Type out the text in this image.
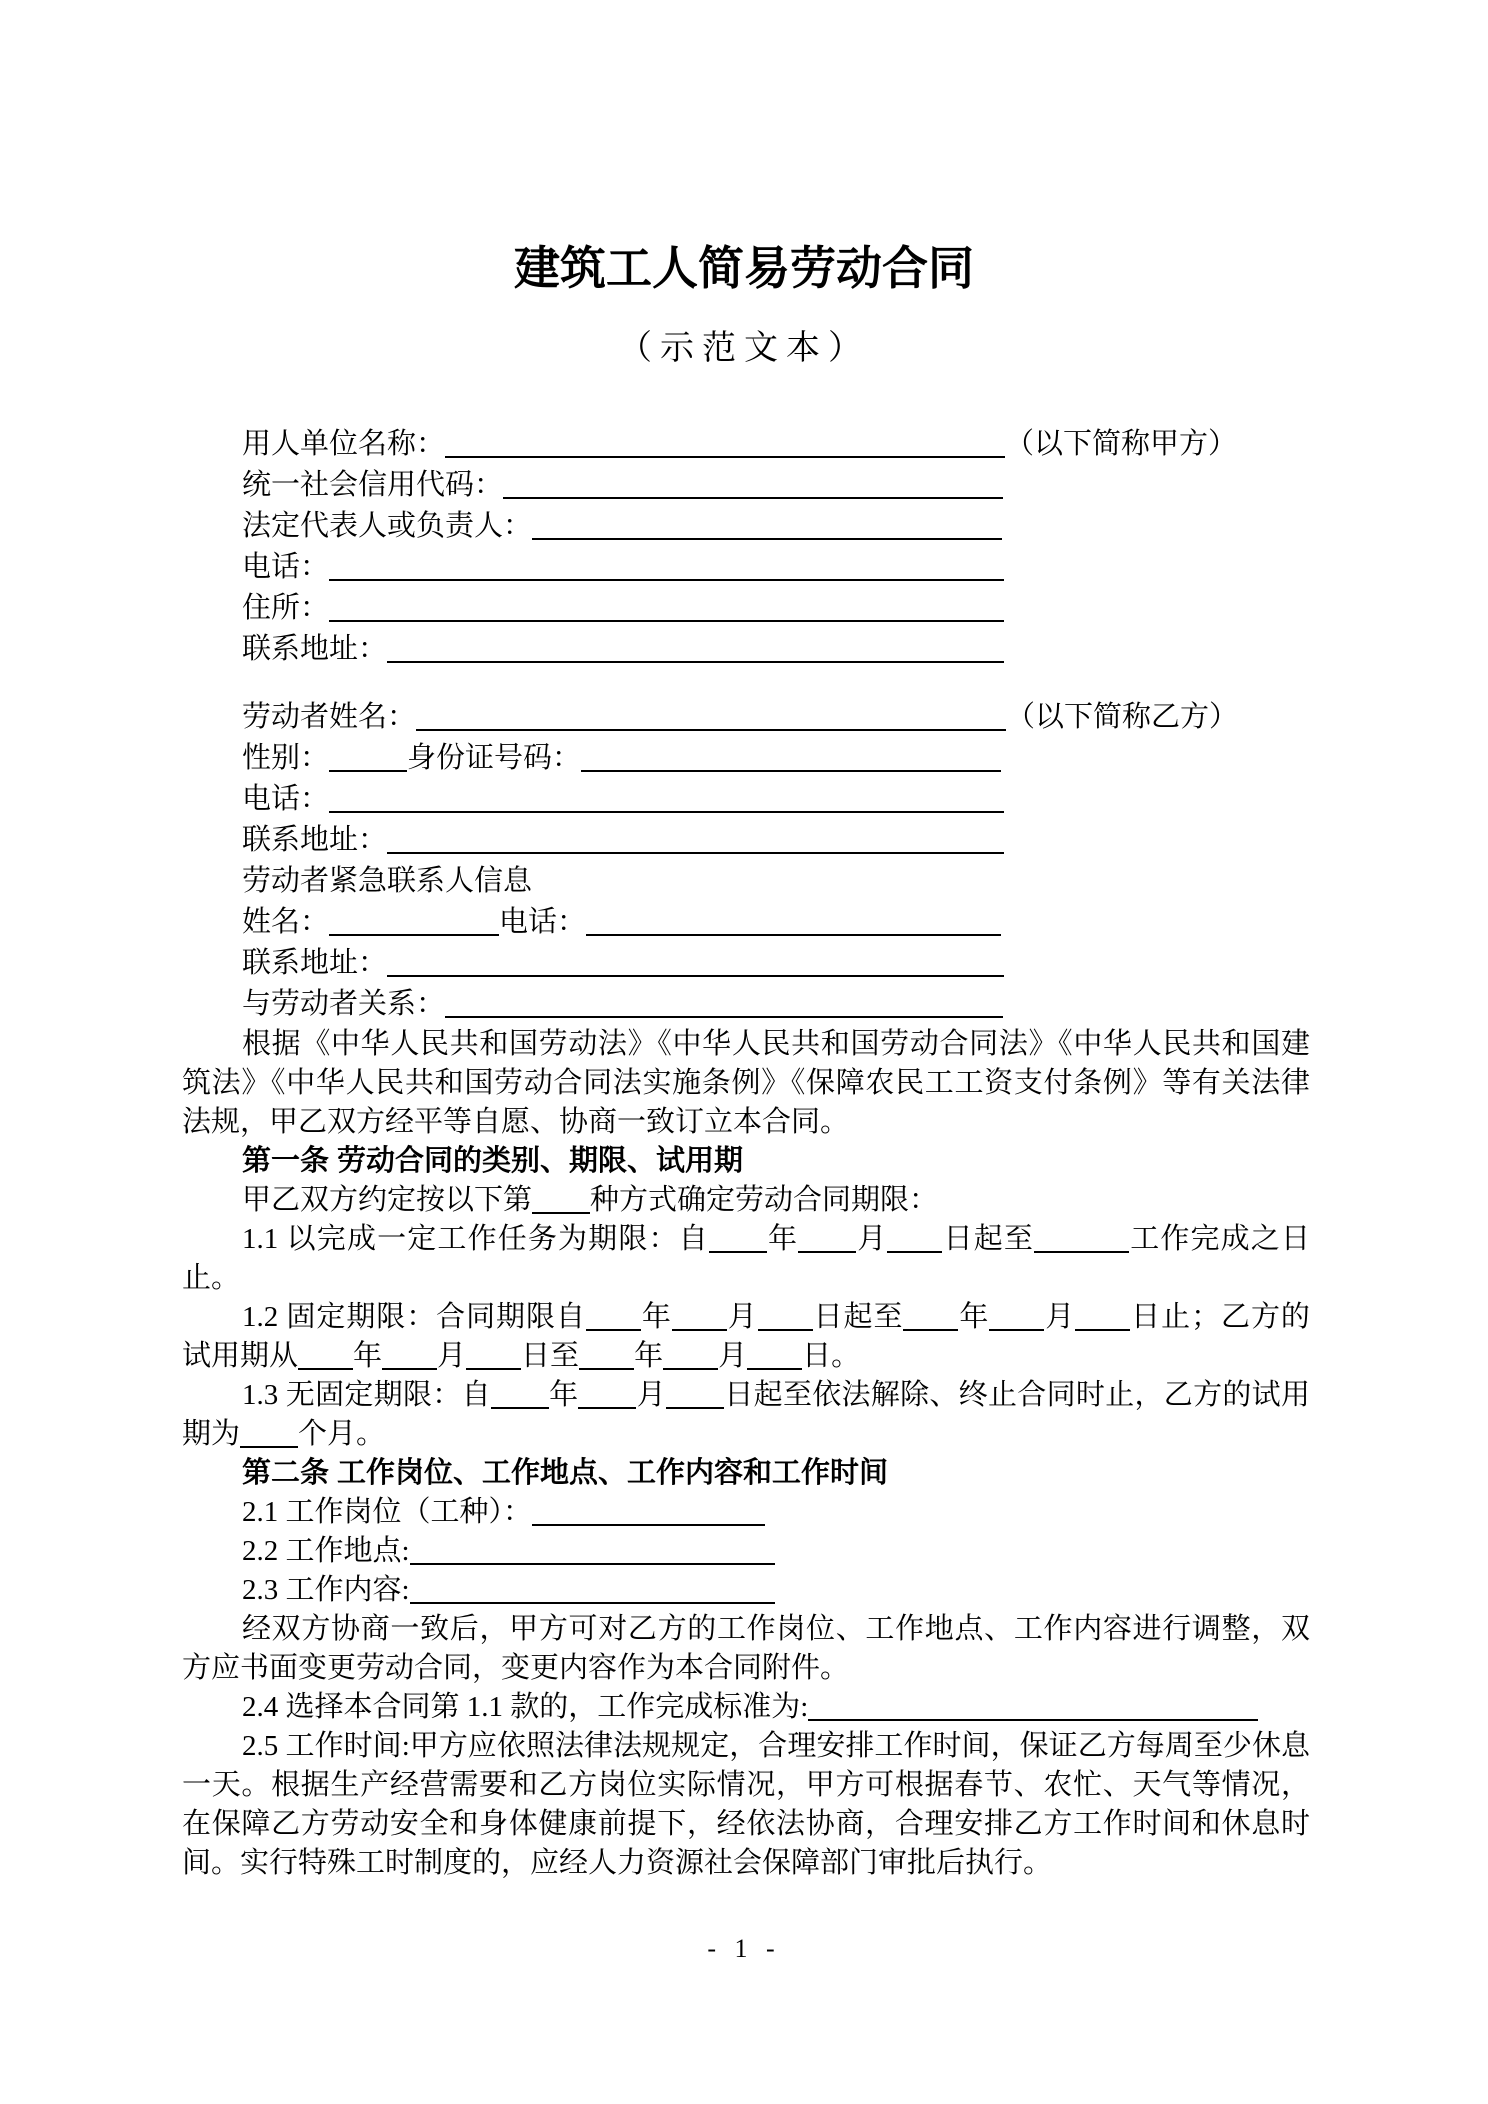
建筑工人简易劳动合同
（示范文本）
用人单位名称：	（以下简称甲方）
统一社会信用代码：
法定代表人或负责人：
电话：
住所：
联系地址：
劳动者姓名：	（以下简称乙方）
性别：	身份证号码：
电话：
联系地址：
劳动者紧急联系人信息
姓名：	电话：
联系地址：
与劳动者关系：
根据《中华人民共和国劳动法》《中华人民共和国劳动合同法》《中华人民共和国建筑法》《中华人民共和国劳动合同法实施条例》《保障农民工工资支付条例》等有关法律法规，甲乙双方经平等自愿、协商一致订立本合同。
第一条 劳动合同的类别、期限、试用期
甲乙双方约定按以下第 种方式确定劳动合同期限：
1.1 以完成一定工作任务为期限：自 年 月 日起至	工作完成之日止。
1.2 固定期限：合同期限自 年 月 日起至 年 月 日止；乙方的试用期从 年 月 日至 年 月 日。
1.3 无固定期限：自 年 月 日起至依法解除、终止合同时止，乙方的试用期为 个月。
第二条 工作岗位、工作地点、工作内容和工作时间
2.1 工作岗位（工种）：
2.2 工作地点:
2.3 工作内容:
经双方协商一致后，甲方可对乙方的工作岗位、工作地点、工作内容进行调整，双方应书面变更劳动合同，变更内容作为本合同附件。
2.4 选择本合同第 1.1 款的，工作完成标准为:
2.5 工作时间:甲方应依照法律法规规定，合理安排工作时间，保证乙方每周至少休息一天。根据生产经营需要和乙方岗位实际情况，甲方可根据春节、农忙、天气等情况，在保障乙方劳动安全和身体健康前提下，经依法协商，合理安排乙方工作时间和休息时间。实行特殊工时制度的，应经人力资源社会保障部门审批后执行。
- 1 -
